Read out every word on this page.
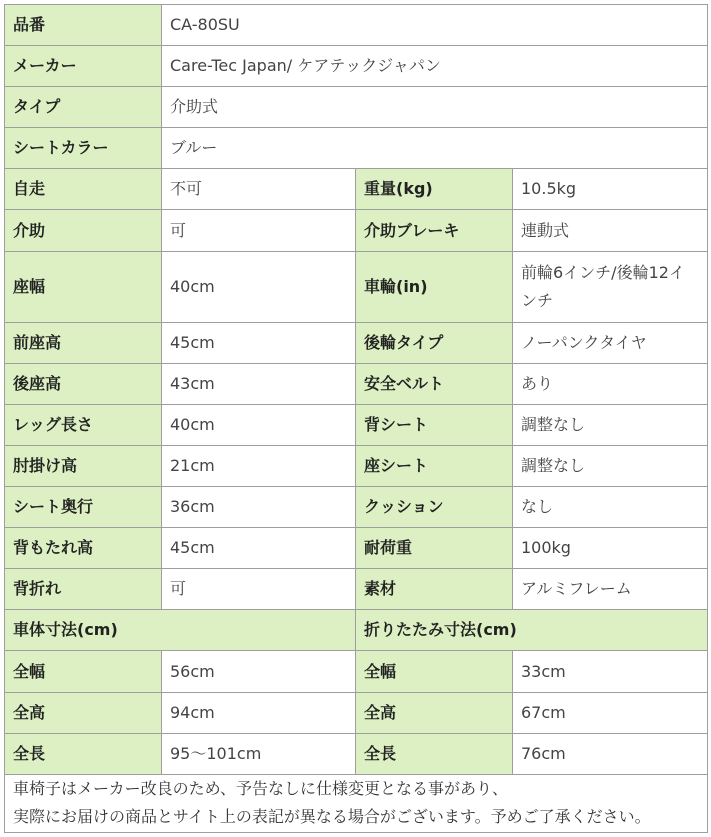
品番	CA-80SU		
メーカー	Care-Tec Japan/ ケアテックジャパン		
タイプ	介助式		
シートカラー	ブルー		
自走	不可	重量(kg)	10.5kg
介助	可	介助ブレーキ	連動式
座幅	40cm	車輪(in)	前輪6インチ/後輪12インチ
前座高	45cm	後輪タイプ	ノーパンクタイヤ
後座高	43cm	安全ベルト	あり
レッグ長さ	40cm	背シート	調整なし
肘掛け高	21cm	座シート	調整なし
シート奥行	36cm	クッション	なし
背もたれ高	45cm	耐荷重	100kg
背折れ	可	素材	アルミフレーム
車体寸法(cm)		折りたたみ寸法(cm)	
全幅	56cm	全幅	33cm
全高	94cm	全高	67cm
全長	95〜101cm	全長	76cm

車椅子はメーカー改良のため、予告なしに仕様変更となる事があり、
実際にお届けの商品とサイト上の表記が異なる場合がございます。予めご了承ください。			
